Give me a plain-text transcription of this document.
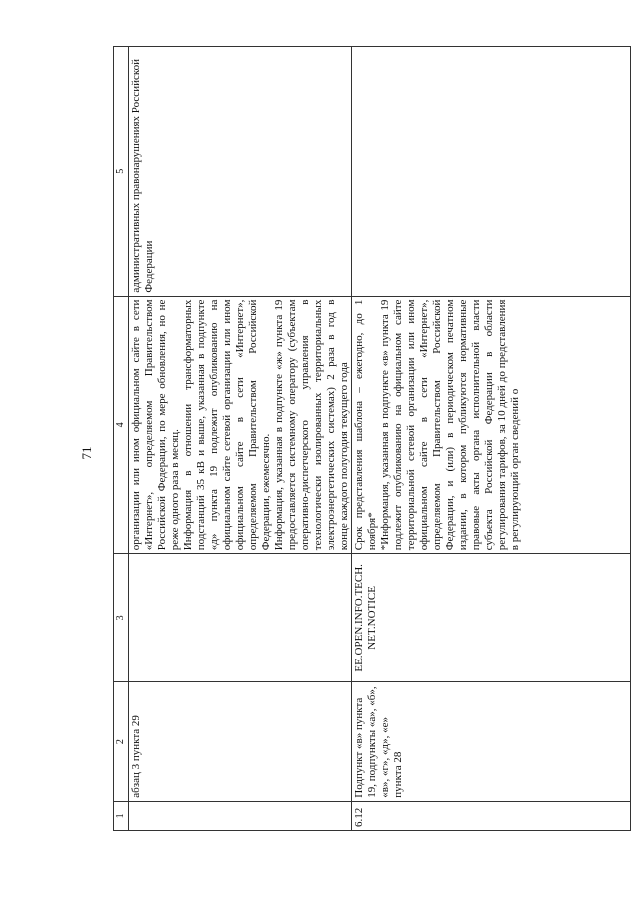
71
1	2	3	4	5
	абзац 3 пункта 29		организации или ином официальном сайте в сети «Интернет», определяемом Правительством Российской Федерации, по мере обновления, но не реже одного раза в месяц. Информация в отношении трансформаторных подстанций 35 кВ и выше, указанная в подпункте «д» пункта 19 подлежит опубликованию на официальном сайте сетевой организации или ином официальном сайте в сети «Интернет», определяемом Правительством Российской Федерации, ежемесячно. Информация, указанная в подпункте «ж» пункта 19 предоставляется системному оператору (субъектам оперативно-диспетчерского управления в технологически изолированных территориальных электроэнергетических системах) 2 раза в год в конце каждого полугодия текущего года	административных правонарушениях Российской Федерации
6.12	Подпункт «в» пункта 19, подпункты «а», «б», «в», «г», «д», «е» пункта 28	EE.OPEN.INFO.TECH. NET.NOTICE	Срок представления шаблона – ежегодно, до 1 ноября* *Информация, указанная в подпункте «в» пункта 19 подлежит опубликованию на официальном сайте территориальной сетевой организации или ином официальном сайте в сети «Интернет», определяемом Правительством Российской Федерации, и (или) в периодическом печатном издании, в котором публикуются нормативные правовые акты органа исполнительной власти субъекта Российской Федерации в области регулирования тарифов, за 10 дней до представления в регулирующий орган сведений о	
